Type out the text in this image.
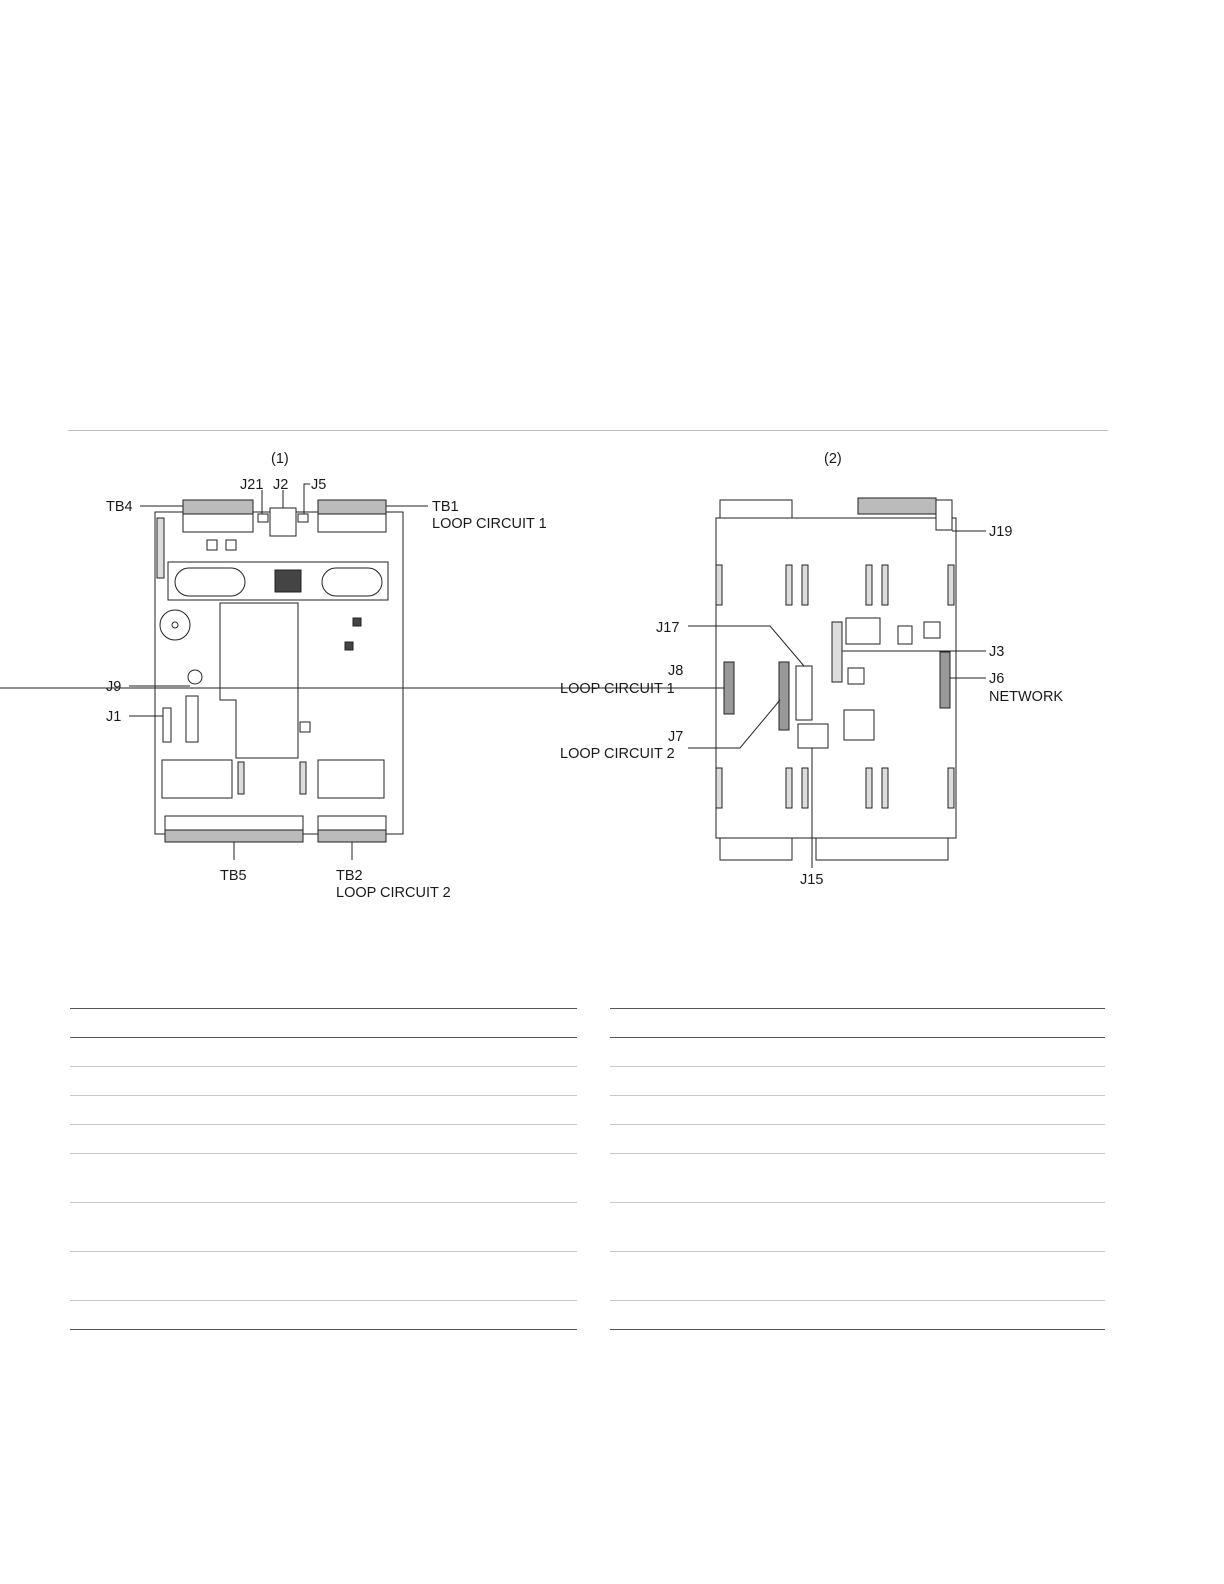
(1)
TB4
J21 J2 J5
TB1
LOOP CIRCUIT 1
J9
J1
TB5	TB2
LOOP CIRCUIT 2
(2)
J19
J17
J3
J8
LOOP CIRCUIT 1
J6
NETWORK
J7
LOOP CIRCUIT 2
J15
